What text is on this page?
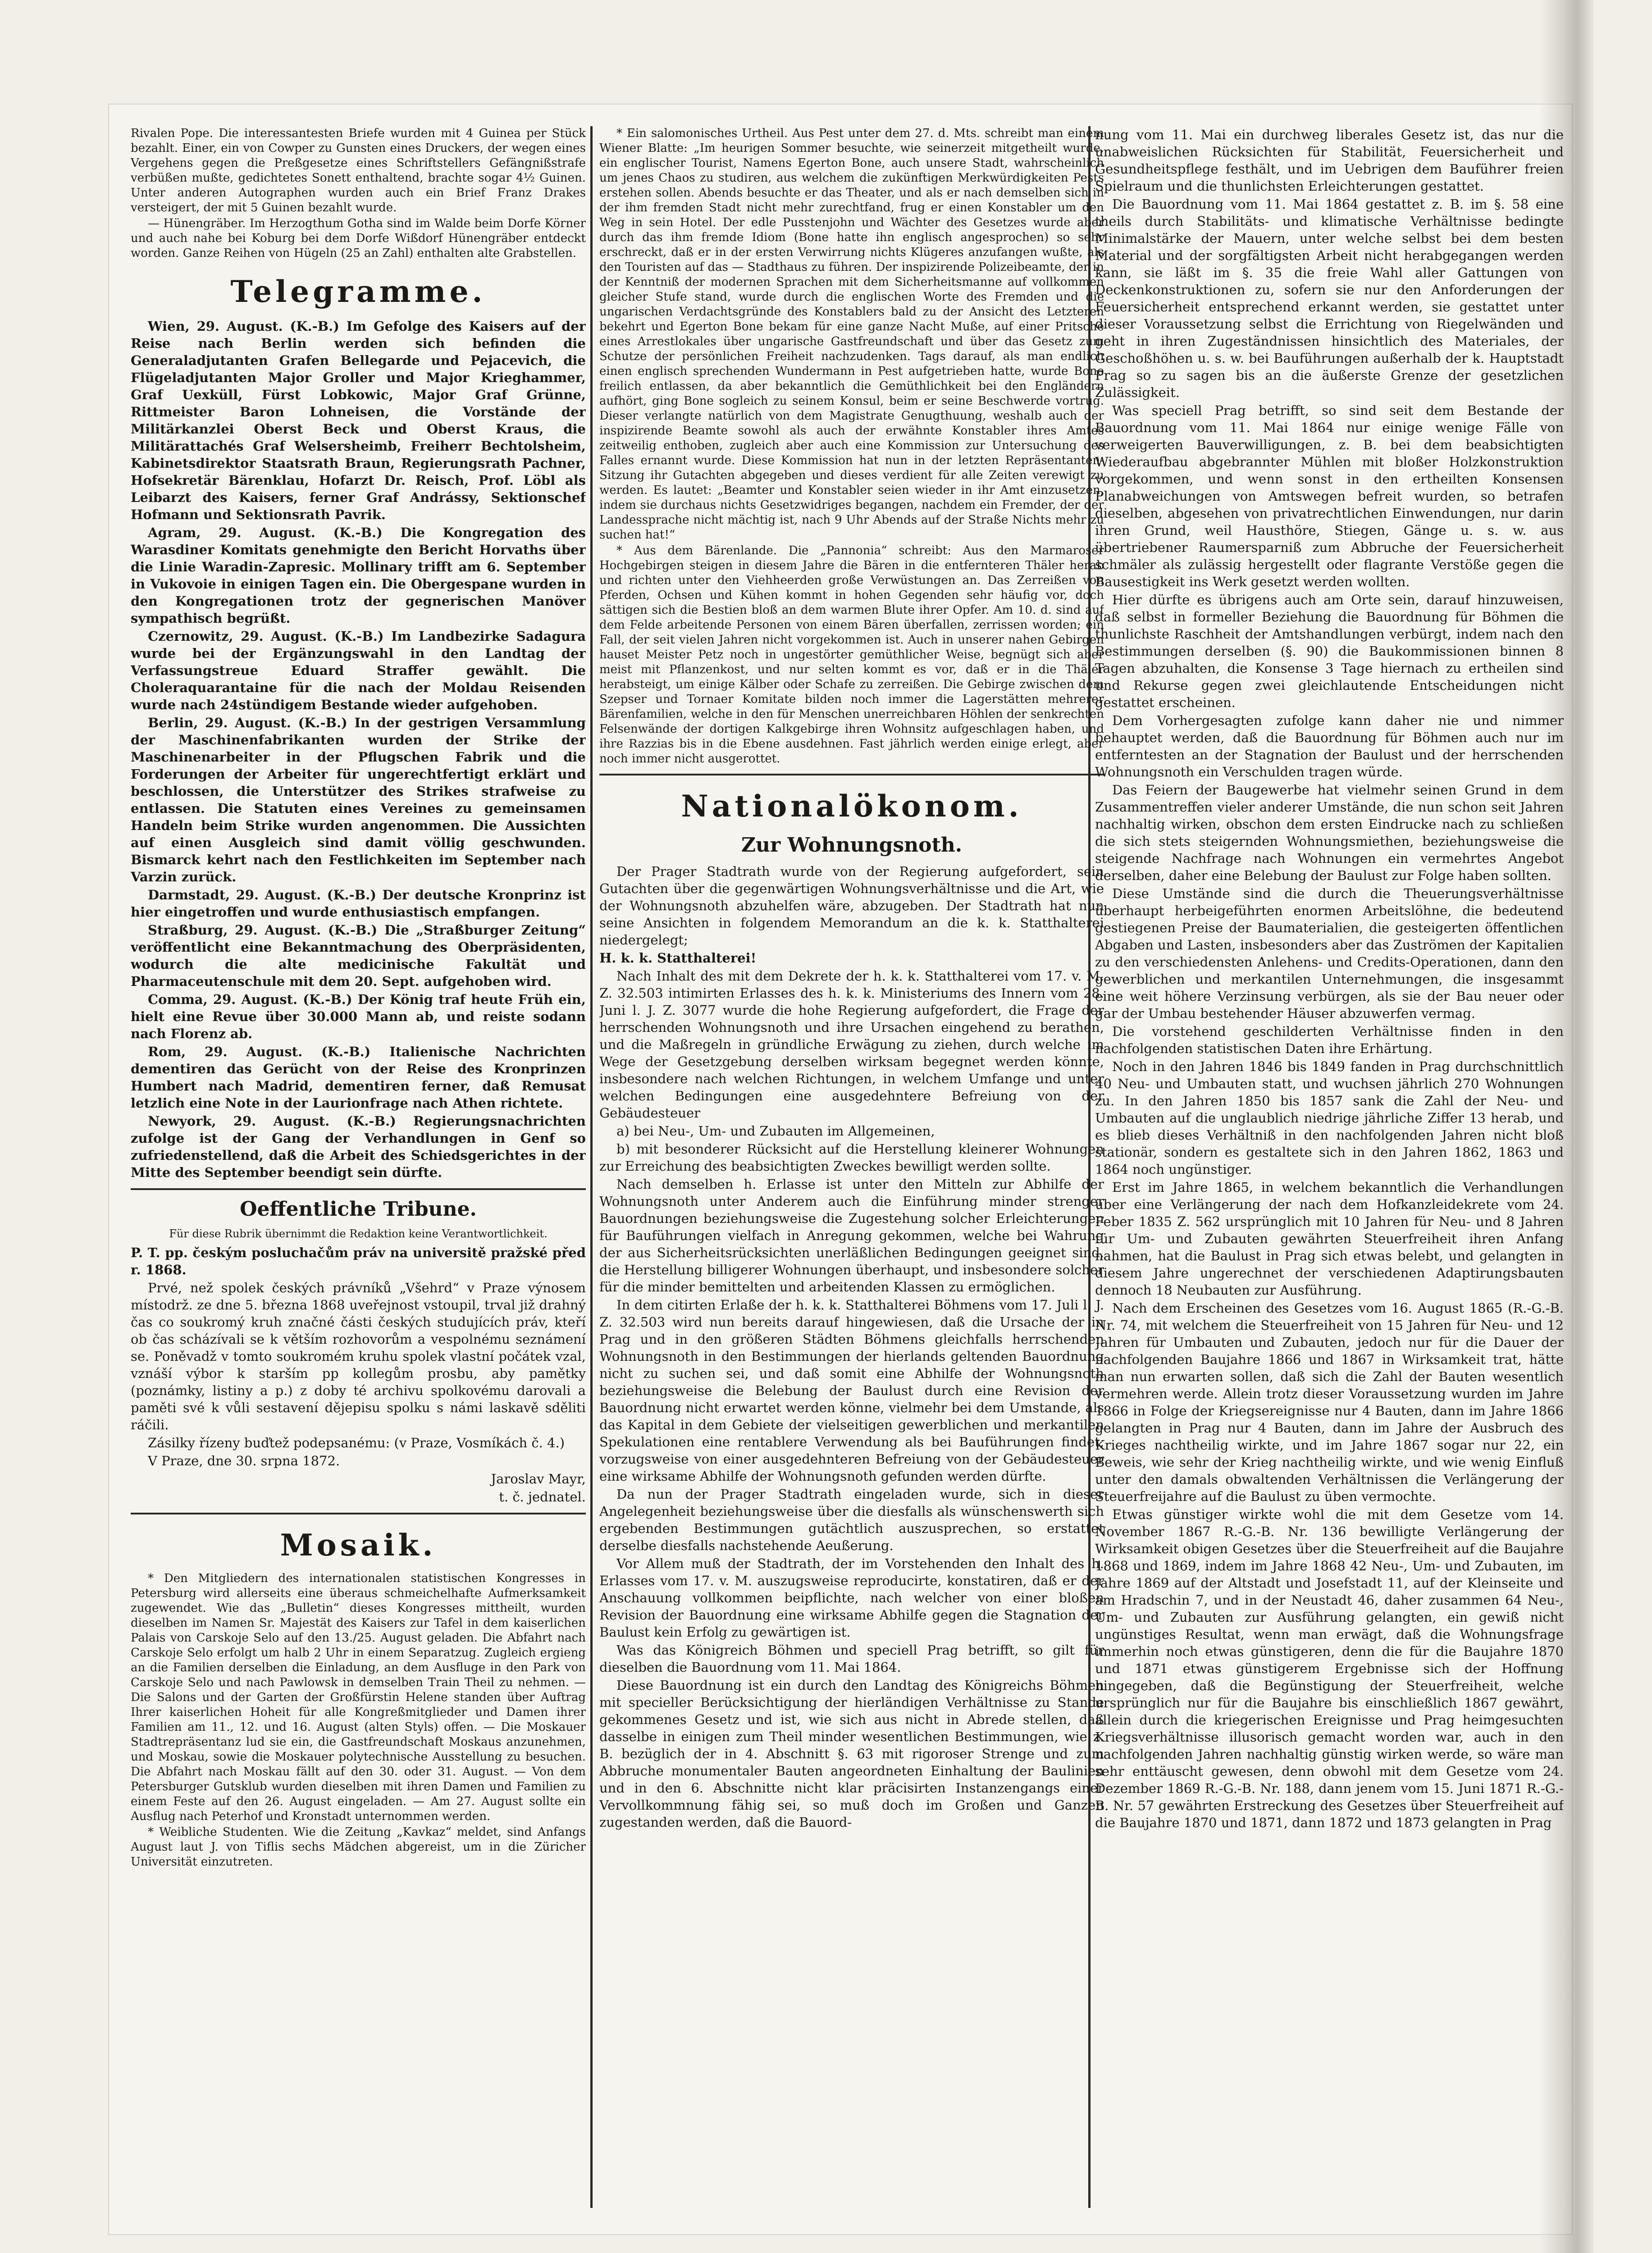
Rivalen Pope. Die interessantesten Briefe wurden mit 4 Guinea per Stück bezahlt. Einer, ein von Cowper zu Gunsten eines Druckers, der wegen eines Vergehens gegen die Preßgesetze eines Schriftstellers Gefängnißstrafe verbüßen mußte, gedichtetes Sonett enthaltend, brachte sogar 4½ Guinen. Unter anderen Autographen wurden auch ein Brief Franz Drakes versteigert, der mit 5 Guinen bezahlt wurde.

— Hünengräber. Im Herzogthum Gotha sind im Walde beim Dorfe Körner und auch nahe bei Koburg bei dem Dorfe Wißdorf Hünengräber entdeckt worden. Ganze Reihen von Hügeln (25 an Zahl) enthalten alte Grabstellen.

Telegramme.

Wien, 29. August. (K.-B.) Im Gefolge des Kaisers auf der Reise nach Berlin werden sich befinden die Generaladjutanten Grafen Bellegarde und Pejacevich, die Flügeladjutanten Major Groller und Major Krieghammer, Graf Uexküll, Fürst Lobkowic, Major Graf Grünne, Rittmeister Baron Lohneisen, die Vorstände der Militärkanzlei Oberst Beck und Oberst Kraus, die Militärattachés Graf Welsersheimb, Freiherr Bechtolsheim, Kabinetsdirektor Staatsrath Braun, Regierungsrath Pachner, Hofsekretär Bärenklau, Hofarzt Dr. Reisch, Prof. Löbl als Leibarzt des Kaisers, ferner Graf Andrássy, Sektionschef Hofmann und Sektionsrath Pavrik.

Agram, 29. August. (K.-B.) Die Kongregation des Warasdiner Komitats genehmigte den Bericht Horvaths über die Linie Waradin-Zapresic. Mollinary trifft am 6. September in Vukovoie in einigen Tagen ein. Die Obergespane wurden in den Kongregationen trotz der gegnerischen Manöver sympathisch begrüßt.

Czernowitz, 29. August. (K.-B.) Im Landbezirke Sadagura wurde bei der Ergänzungswahl in den Landtag der Verfassungstreue Eduard Straffer gewählt. Die Choleraquarantaine für die nach der Moldau Reisenden wurde nach 24stündigem Bestande wieder aufgehoben.

Berlin, 29. August. (K.-B.) In der gestrigen Versammlung der Maschinenfabrikanten wurden der Strike der Maschinenarbeiter in der Pflugschen Fabrik und die Forderungen der Arbeiter für ungerechtfertigt erklärt und beschlossen, die Unterstützer des Strikes strafweise zu entlassen. Die Statuten eines Vereines zu gemeinsamen Handeln beim Strike wurden angenommen. Die Aussichten auf einen Ausgleich sind damit völlig geschwunden. Bismarck kehrt nach den Festlichkeiten im September nach Varzin zurück.

Darmstadt, 29. August. (K.-B.) Der deutsche Kronprinz ist hier eingetroffen und wurde enthusiastisch empfangen.

Straßburg, 29. August. (K.-B.) Die „Straßburger Zeitung“ veröffentlicht eine Bekanntmachung des Oberpräsidenten, wodurch die alte medicinische Fakultät und Pharmaceutenschule mit dem 20. Sept. aufgehoben wird.

Comma, 29. August. (K.-B.) Der König traf heute Früh ein, hielt eine Revue über 30.000 Mann ab, und reiste sodann nach Florenz ab.

Rom, 29. August. (K.-B.) Italienische Nachrichten dementiren das Gerücht von der Reise des Kronprinzen Humbert nach Madrid, dementiren ferner, daß Remusat letzlich eine Note in der Laurionfrage nach Athen richtete.

Newyork, 29. August. (K.-B.) Regierungsnachrichten zufolge ist der Gang der Verhandlungen in Genf so zufriedenstellend, daß die Arbeit des Schiedsgerichtes in der Mitte des September beendigt sein dürfte.

Oeffentliche Tribune.
Für diese Rubrik übernimmt die Redaktion keine Verantwortlichkeit.

P. T. pp. českým posluchačům práv na universitě pražské před r. 1868.

Prvé, než spolek českých právníků „Všehrd“ v Praze výnosem místodrž. ze dne 5. března 1868 uveřejnost vstoupil, trval již drahný čas co soukromý kruh značné části českých studujících práv, kteří ob čas scházívali se k větším rozhovorům a vespolnému seznámení se. Poněvadž v tomto soukromém kruhu spolek vlastní počátek vzal, vznáší výbor k starším pp kollegům prosbu, aby pamětky (poznámky, listiny a p.) z doby té archivu spolkovému darovali a paměti své k vůli sestavení dějepisu spolku s námi laskavě sděliti ráčili.

Zásilky řízeny buďtež podepsanému: (v Praze, Vosmíkách č. 4.)

V Praze, dne 30. srpna 1872.

Jaroslav Mayr,

t. č. jednatel.

Mosaik.

* Den Mitgliedern des internationalen statistischen Kongresses in Petersburg wird allerseits eine überaus schmeichelhafte Aufmerksamkeit zugewendet. Wie das „Bulletin“ dieses Kongresses mittheilt, wurden dieselben im Namen Sr. Majestät des Kaisers zur Tafel in dem kaiserlichen Palais von Carskoje Selo auf den 13./25. August geladen. Die Abfahrt nach Carskoje Selo erfolgt um halb 2 Uhr in einem Separatzug. Zugleich ergieng an die Familien derselben die Einladung, an dem Ausfluge in den Park von Carskoje Selo und nach Pawlowsk in demselben Train Theil zu nehmen. — Die Salons und der Garten der Großfürstin Helene standen über Auftrag Ihrer kaiserlichen Hoheit für alle Kongreßmitglieder und Damen ihrer Familien am 11., 12. und 16. August (alten Styls) offen. — Die Moskauer Stadtrepräsentanz lud sie ein, die Gastfreundschaft Moskaus anzunehmen, und Moskau, sowie die Moskauer polytechnische Ausstellung zu besuchen. Die Abfahrt nach Moskau fällt auf den 30. oder 31. August. — Von dem Petersburger Gutsklub wurden dieselben mit ihren Damen und Familien zu einem Feste auf den 26. August eingeladen. — Am 27. August sollte ein Ausflug nach Peterhof und Kronstadt unternommen werden.

* Weibliche Studenten. Wie die Zeitung „Kavkaz“ meldet, sind Anfangs August laut J. von Tiflis sechs Mädchen abgereist, um in die Züricher Universität einzutreten.

* Ein salomonisches Urtheil. Aus Pest unter dem 27. d. Mts. schreibt man einem Wiener Blatte: „Im heurigen Sommer besuchte, wie seinerzeit mitgetheilt wurde, ein englischer Tourist, Namens Egerton Bone, auch unsere Stadt, wahrscheinlich um jenes Chaos zu studiren, aus welchem die zukünftigen Merkwürdigkeiten Pests erstehen sollen. Abends besuchte er das Theater, und als er nach demselben sich in der ihm fremden Stadt nicht mehr zurechtfand, frug er einen Konstabler um den Weg in sein Hotel. Der edle Pusstenjohn und Wächter des Gesetzes wurde aber durch das ihm fremde Idiom (Bone hatte ihn englisch angesprochen) so sehr erschreckt, daß er in der ersten Verwirrung nichts Klügeres anzufangen wußte, als den Touristen auf das — Stadthaus zu führen. Der inspizirende Polizeibeamte, der in der Kenntniß der modernen Sprachen mit dem Sicherheitsmanne auf vollkommen gleicher Stufe stand, wurde durch die englischen Worte des Fremden und die ungarischen Verdachtsgründe des Konstablers bald zu der Ansicht des Letzteren bekehrt und Egerton Bone bekam für eine ganze Nacht Muße, auf einer Pritsche eines Arrestlokales über ungarische Gastfreundschaft und über das Gesetz zum Schutze der persönlichen Freiheit nachzudenken. Tags darauf, als man endlich einen englisch sprechenden Wundermann in Pest aufgetrieben hatte, wurde Bone freilich entlassen, da aber bekanntlich die Gemüthlichkeit bei den Engländern aufhört, ging Bone sogleich zu seinem Konsul, beim er seine Beschwerde vortrug. Dieser verlangte natürlich von dem Magistrate Genugthuung, weshalb auch der inspizirende Beamte sowohl als auch der erwähnte Konstabler ihres Amtes zeitweilig enthoben, zugleich aber auch eine Kommission zur Untersuchung des Falles ernannt wurde. Diese Kommission hat nun in der letzten Repräsentanten-Sitzung ihr Gutachten abgegeben und dieses verdient für alle Zeiten verewigt zu werden. Es lautet: „Beamter und Konstabler seien wieder in ihr Amt einzusetzen, indem sie durchaus nichts Gesetzwidriges begangen, nachdem ein Fremder, der der Landessprache nicht mächtig ist, nach 9 Uhr Abends auf der Straße Nichts mehr zu suchen hat!“

* Aus dem Bärenlande. Die „Pannonia“ schreibt: Aus den Marmaroser Hochgebirgen steigen in diesem Jahre die Bären in die entfernteren Thäler herab und richten unter den Viehheerden große Verwüstungen an. Das Zerreißen von Pferden, Ochsen und Kühen kommt in hohen Gegenden sehr häufig vor, doch sättigen sich die Bestien bloß an dem warmen Blute ihrer Opfer. Am 10. d. sind auf dem Felde arbeitende Personen von einem Bären überfallen, zerrissen worden; ein Fall, der seit vielen Jahren nicht vorgekommen ist. Auch in unserer nahen Gebirgen hauset Meister Petz noch in ungestörter gemüthlicher Weise, begnügt sich aber meist mit Pflanzenkost, und nur selten kommt es vor, daß er in die Thäler herabsteigt, um einige Kälber oder Schafe zu zerreißen. Die Gebirge zwischen dem Szepser und Tornaer Komitate bilden noch immer die Lagerstätten mehrerer Bärenfamilien, welche in den für Menschen unerreichbaren Höhlen der senkrechten Felsenwände der dortigen Kalkgebirge ihren Wohnsitz aufgeschlagen haben, und ihre Razzias bis in die Ebene ausdehnen. Fast jährlich werden einige erlegt, aber noch immer nicht ausgerottet.

Nationalökonom.
Zur Wohnungsnoth.

Der Prager Stadtrath wurde von der Regierung aufgefordert, sein Gutachten über die gegenwärtigen Wohnungsverhältnisse und die Art, wie der Wohnungsnoth abzuhelfen wäre, abzugeben. Der Stadtrath hat nun seine Ansichten in folgendem Memorandum an die k. k. Statthalterei niedergelegt;

H. k. k. Statthalterei!

Nach Inhalt des mit dem Dekrete der h. k. k. Statthalterei vom 17. v. M. Z. 32.503 intimirten Erlasses des h. k. k. Ministeriums des Innern vom 28. Juni l. J. Z. 3077 wurde die hohe Regierung aufgefordert, die Frage der herrschenden Wohnungsnoth und ihre Ursachen eingehend zu berathen, und die Maßregeln in gründliche Erwägung zu ziehen, durch welche im Wege der Gesetzgebung derselben wirksam begegnet werden könnte, insbesondere nach welchen Richtungen, in welchem Umfange und unter welchen Bedingungen eine ausgedehntere Befreiung von der Gebäudesteuer

a) bei Neu-, Um- und Zubauten im Allgemeinen,

b) mit besonderer Rücksicht auf die Herstellung kleinerer Wohnungen zur Erreichung des beabsichtigten Zweckes bewilligt werden sollte.

Nach demselben h. Erlasse ist unter den Mitteln zur Abhilfe der Wohnungsnoth unter Anderem auch die Einführung minder strenger Bauordnungen beziehungsweise die Zugestehung solcher Erleichterungen für Bauführungen vielfach in Anregung gekommen, welche bei Wahrung der aus Sicherheitsrücksichten unerläßlichen Bedingungen geeignet sind, die Herstellung billigerer Wohnungen überhaupt, und insbesondere solcher für die minder bemittelten und arbeitenden Klassen zu ermöglichen.

In dem citirten Erlaße der h. k. k. Statthalterei Böhmens vom 17. Juli l. J. Z. 32.503 wird nun bereits darauf hingewiesen, daß die Ursache der in Prag und in den größeren Städten Böhmens gleichfalls herrschenden Wohnungsnoth in den Bestimmungen der hierlands geltenden Bauordnung nicht zu suchen sei, und daß somit eine Abhilfe der Wohnungsnoth beziehungsweise die Belebung der Baulust durch eine Revision der Bauordnung nicht erwartet werden könne, vielmehr bei dem Umstande, als das Kapital in dem Gebiete der vielseitigen gewerblichen und merkantilen Spekulationen eine rentablere Verwendung als bei Bauführungen findet, vorzugsweise von einer ausgedehnteren Befreiung von der Gebäudesteuer eine wirksame Abhilfe der Wohnungsnoth gefunden werden dürfte.

Da nun der Prager Stadtrath eingeladen wurde, sich in dieser Angelegenheit beziehungsweise über die diesfalls als wünschenswerth sich ergebenden Bestimmungen gutächtlich auszusprechen, so erstattet derselbe diesfalls nachstehende Aeußerung.

Vor Allem muß der Stadtrath, der im Vorstehenden den Inhalt des h. Erlasses vom 17. v. M. auszugsweise reproducirte, konstatiren, daß er der Anschauung vollkommen beipflichte, nach welcher von einer bloßen Revision der Bauordnung eine wirksame Abhilfe gegen die Stagnation der Baulust kein Erfolg zu gewärtigen ist.

Was das Königreich Böhmen und speciell Prag betrifft, so gilt für dieselben die Bauordnung vom 11. Mai 1864.

Diese Bauordnung ist ein durch den Landtag des Königreichs Böhmen mit specieller Berücksichtigung der hierländigen Verhältnisse zu Stande gekommenes Gesetz und ist, wie sich aus nicht in Abrede stellen, daß dasselbe in einigen zum Theil minder wesentlichen Bestimmungen, wie z. B. bezüglich der in 4. Abschnitt §. 63 mit rigoroser Strenge und zum Abbruche monumentaler Bauten angeordneten Einhaltung der Baulinien und in den 6. Abschnitte nicht klar präcisirten Instanzengangs einer Vervollkommnung fähig sei, so muß doch im Großen und Ganzen zugestanden werden, daß die Bauord-

nung vom 11. Mai ein durchweg liberales Gesetz ist, das nur die unabweislichen Rücksichten für Stabilität, Feuersicherheit und Gesundheitspflege festhält, und im Uebrigen dem Bauführer freien Spielraum und die thunlichsten Erleichterungen gestattet.

Die Bauordnung vom 11. Mai 1864 gestattet z. B. im §. 58 eine theils durch Stabilitäts- und klimatische Verhältnisse bedingte Minimalstärke der Mauern, unter welche selbst bei dem besten Material und der sorgfältigsten Arbeit nicht herabgegangen werden kann, sie läßt im §. 35 die freie Wahl aller Gattungen von Deckenkonstruktionen zu, sofern sie nur den Anforderungen der Feuersicherheit entsprechend erkannt werden, sie gestattet unter dieser Voraussetzung selbst die Errichtung von Riegelwänden und geht in ihren Zugeständnissen hinsichtlich des Materiales, der Geschoßhöhen u. s. w. bei Bauführungen außerhalb der k. Hauptstadt Prag so zu sagen bis an die äußerste Grenze der gesetzlichen Zulässigkeit.

Was speciell Prag betrifft, so sind seit dem Bestande der Bauordnung vom 11. Mai 1864 nur einige wenige Fälle von verweigerten Bauverwilligungen, z. B. bei dem beabsichtigten Wiederaufbau abgebrannter Mühlen mit bloßer Holzkonstruktion vorgekommen, und wenn sonst in den ertheilten Konsensen Planabweichungen von Amtswegen befreit wurden, so betrafen dieselben, abgesehen von privatrechtlichen Einwendungen, nur darin ihren Grund, weil Hausthöre, Stiegen, Gänge u. s. w. aus übertriebener Raumersparniß zum Abbruche der Feuersicherheit schmäler als zulässig hergestellt oder flagrante Verstöße gegen die Bausestigkeit ins Werk gesetzt werden wollten.

Hier dürfte es übrigens auch am Orte sein, darauf hinzuweisen, daß selbst in formeller Beziehung die Bauordnung für Böhmen die thunlichste Raschheit der Amtshandlungen verbürgt, indem nach den Bestimmungen derselben (§. 90) die Baukommissionen binnen 8 Tagen abzuhalten, die Konsense 3 Tage hiernach zu ertheilen sind und Rekurse gegen zwei gleichlautende Entscheidungen nicht gestattet erscheinen.

Dem Vorhergesagten zufolge kann daher nie und nimmer behauptet werden, daß die Bauordnung für Böhmen auch nur im entferntesten an der Stagnation der Baulust und der herrschenden Wohnungsnoth ein Verschulden tragen würde.

Das Feiern der Baugewerbe hat vielmehr seinen Grund in dem Zusammentreffen vieler anderer Umstände, die nun schon seit Jahren nachhaltig wirken, obschon dem ersten Eindrucke nach zu schließen die sich stets steigernden Wohnungsmiethen, beziehungsweise die steigende Nachfrage nach Wohnungen ein vermehrtes Angebot derselben, daher eine Belebung der Baulust zur Folge haben sollten.

Diese Umstände sind die durch die Theuerungsverhältnisse überhaupt herbeigeführten enormen Arbeitslöhne, die bedeutend gestiegenen Preise der Baumaterialien, die gesteigerten öffentlichen Abgaben und Lasten, insbesonders aber das Zuströmen der Kapitalien zu den verschiedensten Anlehens- und Credits-Operationen, dann den gewerblichen und merkantilen Unternehmungen, die insgesammt eine weit höhere Verzinsung verbürgen, als sie der Bau neuer oder gar der Umbau bestehender Häuser abzuwerfen vermag.

Die vorstehend geschilderten Verhältnisse finden in den nachfolgenden statistischen Daten ihre Erhärtung.

Noch in den Jahren 1846 bis 1849 fanden in Prag durchschnittlich 40 Neu- und Umbauten statt, und wuchsen jährlich 270 Wohnungen zu. In den Jahren 1850 bis 1857 sank die Zahl der Neu- und Umbauten auf die unglaublich niedrige jährliche Ziffer 13 herab, und es blieb dieses Verhältniß in den nachfolgenden Jahren nicht bloß stationär, sondern es gestaltete sich in den Jahren 1862, 1863 und 1864 noch ungünstiger.

Erst im Jahre 1865, in welchem bekanntlich die Verhandlungen über eine Verlängerung der nach dem Hofkanzleidekrete vom 24. Feber 1835 Z. 562 ursprünglich mit 10 Jahren für Neu- und 8 Jahren für Um- und Zubauten gewährten Steuerfreiheit ihren Anfang nahmen, hat die Baulust in Prag sich etwas belebt, und gelangten in diesem Jahre ungerechnet der verschiedenen Adaptirungsbauten dennoch 18 Neubauten zur Ausführung.

Nach dem Erscheinen des Gesetzes vom 16. August 1865 (R.-G.-B. Nr. 74, mit welchem die Steuerfreiheit von 15 Jahren für Neu- und 12 Jahren für Umbauten und Zubauten, jedoch nur für die Dauer der nachfolgenden Baujahre 1866 und 1867 in Wirksamkeit trat, hätte man nun erwarten sollen, daß sich die Zahl der Bauten wesentlich vermehren werde. Allein trotz dieser Voraussetzung wurden im Jahre 1866 in Folge der Kriegsereignisse nur 4 Bauten, dann im Jahre 1866 gelangten in Prag nur 4 Bauten, dann im Jahre der Ausbruch des Krieges nachtheilig wirkte, und im Jahre 1867 sogar nur 22, ein Beweis, wie sehr der Krieg nachtheilig wirkte, und wie wenig Einfluß unter den damals obwaltenden Verhältnissen die Verlängerung der Steuerfreijahre auf die Baulust zu üben vermochte.

Etwas günstiger wirkte wohl die mit dem Gesetze vom 14. November 1867 R.-G.-B. Nr. 136 bewilligte Verlängerung der Wirksamkeit obigen Gesetzes über die Steuerfreiheit auf die Baujahre 1868 und 1869, indem im Jahre 1868 42 Neu-, Um- und Zubauten, im Jahre 1869 auf der Altstadt und Josefstadt 11, auf der Kleinseite und am Hradschin 7, und in der Neustadt 46, daher zusammen 64 Neu-, Um- und Zubauten zur Ausführung gelangten, ein gewiß nicht ungünstiges Resultat, wenn man erwägt, daß die Wohnungsfrage immerhin noch etwas günstigeren, denn die für die Baujahre 1870 und 1871 etwas günstigerem Ergebnisse sich der Hoffnung hingegeben, daß die Begünstigung der Steuerfreiheit, welche ursprünglich nur für die Baujahre bis einschließlich 1867 gewährt, allein durch die kriegerischen Ereignisse und Prag heimgesuchten Kriegsverhältnisse illusorisch gemacht worden war, auch in den nachfolgenden Jahren nachhaltig günstig wirken werde, so wäre man sehr enttäuscht gewesen, denn obwohl mit dem Gesetze vom 24. Dezember 1869 R.-G.-B. Nr. 188, dann jenem vom 15. Juni 1871 R.-G.-B. Nr. 57 gewährten Erstreckung des Gesetzes über Steuerfreiheit auf die Baujahre 1870 und 1871, dann 1872 und 1873 gelangten in Prag
